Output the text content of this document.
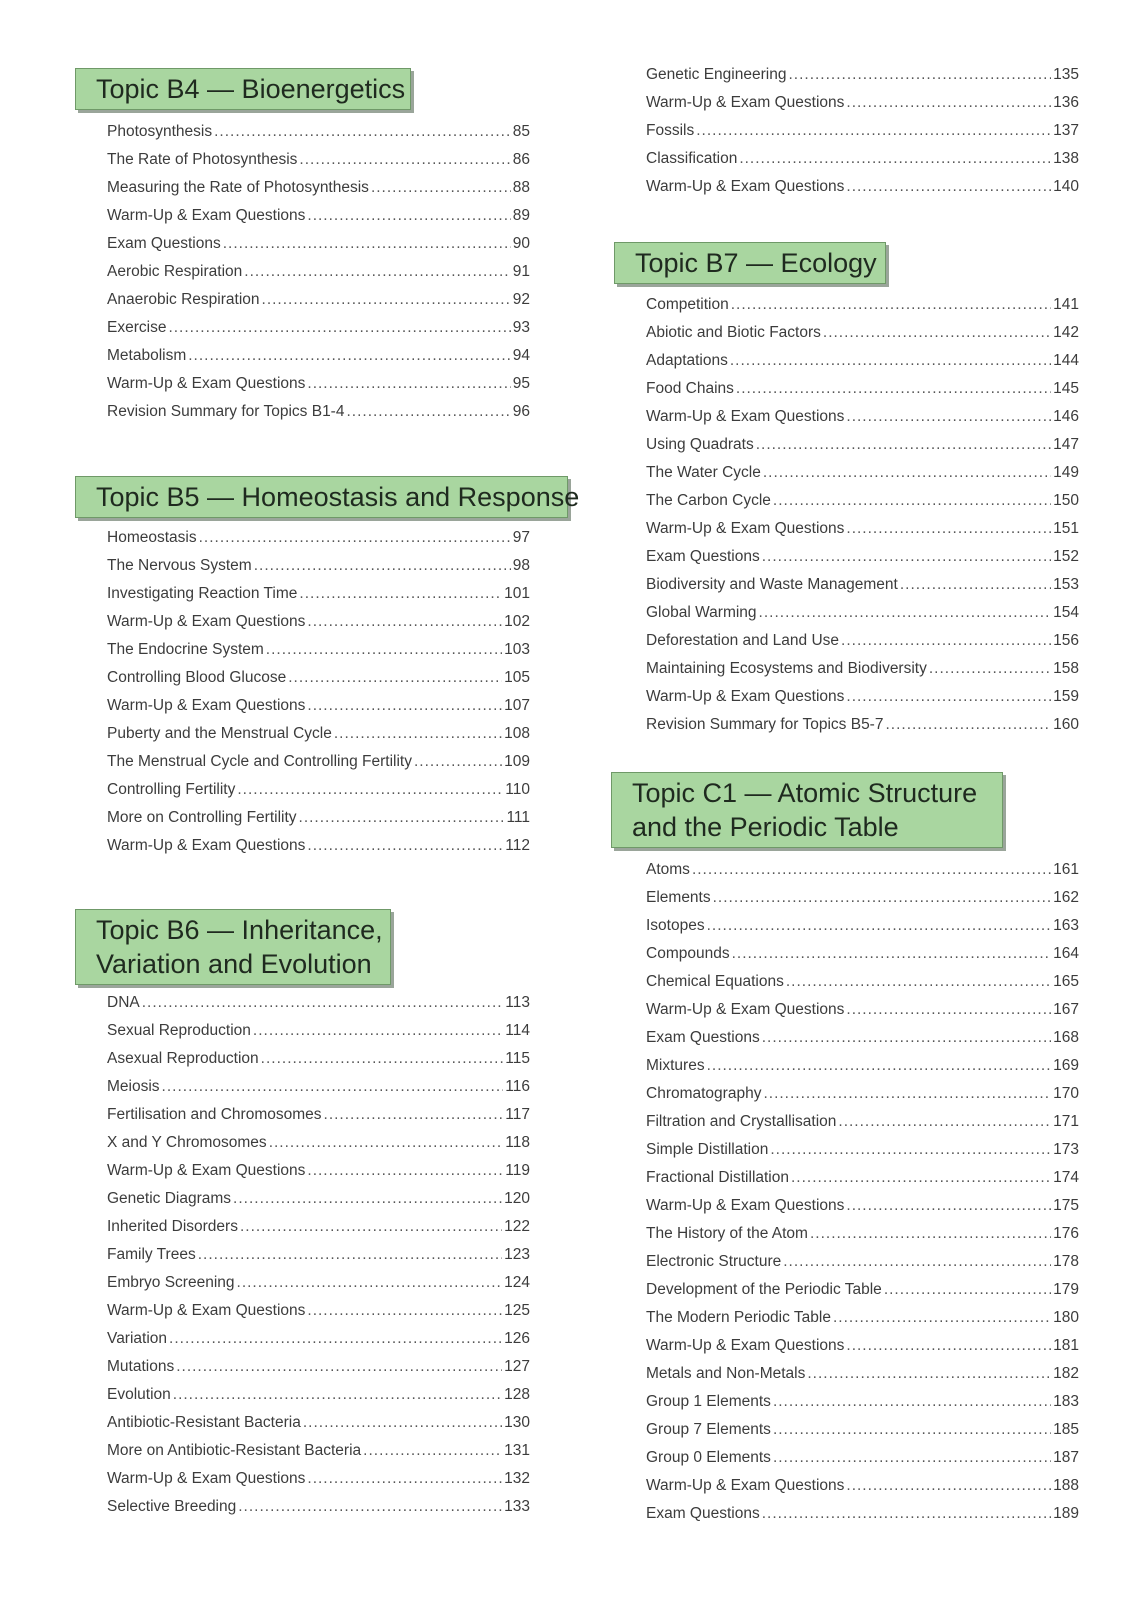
Topic B4 — Bioenergetics
Photosynthesis .....	85
The Rate of Photosynthesis .....	86
Measuring the Rate of Photosynthesis .....	88
Warm-Up & Exam Questions .....	89
Exam Questions .....	90
Aerobic Respiration .....	91
Anaerobic Respiration .....	92
Exercise .....	93
Metabolism .....	94
Warm-Up & Exam Questions .....	95
Revision Summary for Topics B1-4 .....	96
Topic B5 — Homeostasis and Response
Homeostasis .....	97
The Nervous System .....	98
Investigating Reaction Time .....	101
Warm-Up & Exam Questions .....	102
The Endocrine System .....	103
Controlling Blood Glucose .....	105
Warm-Up & Exam Questions .....	107
Puberty and the Menstrual Cycle .....	108
The Menstrual Cycle and Controlling Fertility .....	109
Controlling Fertility .....	110
More on Controlling Fertility .....	111
Warm-Up & Exam Questions .....	112
Topic B6 — Inheritance,
Variation and Evolution
DNA .....	113
Sexual Reproduction .....	114
Asexual Reproduction .....	115
Meiosis .....	116
Fertilisation and Chromosomes .....	117
X and Y Chromosomes .....	118
Warm-Up & Exam Questions .....	119
Genetic Diagrams .....	120
Inherited Disorders .....	122
Family Trees .....	123
Embryo Screening .....	124
Warm-Up & Exam Questions .....	125
Variation .....	126
Mutations .....	127
Evolution .....	128
Antibiotic-Resistant Bacteria .....	130
More on Antibiotic-Resistant Bacteria .....	131
Warm-Up & Exam Questions .....	132
Selective Breeding .....	133
Genetic Engineering .....	135
Warm-Up & Exam Questions .....	136
Fossils .....	137
Classification .....	138
Warm-Up & Exam Questions .....	140
Topic B7 — Ecology
Competition .....	141
Abiotic and Biotic Factors .....	142
Adaptations .....	144
Food Chains .....	145
Warm-Up & Exam Questions .....	146
Using Quadrats .....	147
The Water Cycle .....	149
The Carbon Cycle .....	150
Warm-Up & Exam Questions .....	151
Exam Questions .....	152
Biodiversity and Waste Management .....	153
Global Warming .....	154
Deforestation and Land Use .....	156
Maintaining Ecosystems and Biodiversity .....	158
Warm-Up & Exam Questions .....	159
Revision Summary for Topics B5-7 .....	160
Topic C1 — Atomic Structure
and the Periodic Table
Atoms .....	161
Elements .....	162
Isotopes .....	163
Compounds .....	164
Chemical Equations .....	165
Warm-Up & Exam Questions .....	167
Exam Questions .....	168
Mixtures .....	169
Chromatography .....	170
Filtration and Crystallisation .....	171
Simple Distillation .....	173
Fractional Distillation .....	174
Warm-Up & Exam Questions .....	175
The History of the Atom .....	176
Electronic Structure .....	178
Development of the Periodic Table .....	179
The Modern Periodic Table .....	180
Warm-Up & Exam Questions .....	181
Metals and Non-Metals .....	182
Group 1 Elements .....	183
Group 7 Elements .....	185
Group 0 Elements .....	187
Warm-Up & Exam Questions .....	188
Exam Questions .....	189
